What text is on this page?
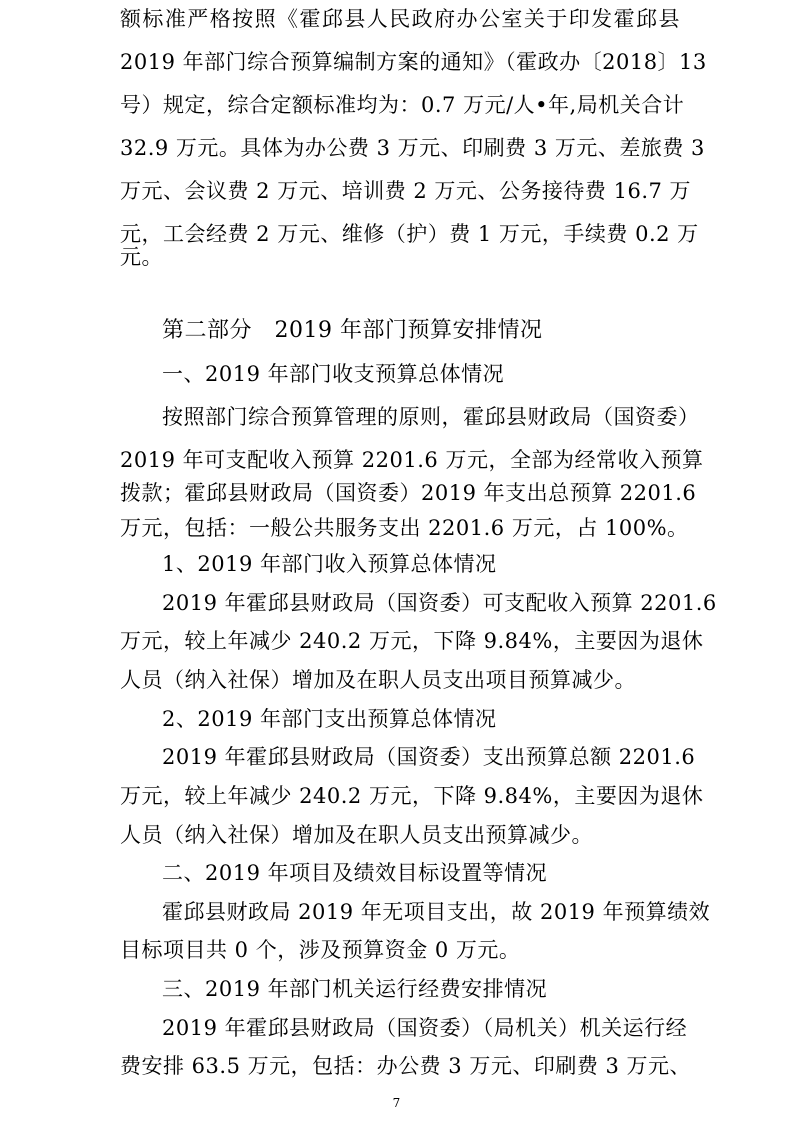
额标准严格按照《霍邱县人民政府办公室关于印发霍邱县
2019 年部门综合预算编制方案的通知》（霍政办〔2018〕13
号）规定，综合定额标准均为：0.7 万元/人•年,局机关合计
32.9 万元。具体为办公费 3 万元、印刷费 3 万元、差旅费 3
万元、会议费 2 万元、培训费 2 万元、公务接待费 16.7 万
元，工会经费 2 万元、维修（护）费 1 万元，手续费 0.2 万
元。
第二部分　2019 年部门预算安排情况
一、2019 年部门收支预算总体情况
按照部门综合预算管理的原则，霍邱县财政局（国资委）
2019 年可支配收入预算 2201.6 万元，全部为经常收入预算
拨款；霍邱县财政局（国资委）2019 年支出总预算 2201.6
万元，包括：一般公共服务支出 2201.6 万元，占 100%。
1、2019 年部门收入预算总体情况
2019 年霍邱县财政局（国资委）可支配收入预算 2201.6
万元，较上年减少 240.2 万元，下降 9.84%，主要因为退休
人员（纳入社保）增加及在职人员支出项目预算减少。
2、2019 年部门支出预算总体情况
2019 年霍邱县财政局（国资委）支出预算总额 2201.6
万元，较上年减少 240.2 万元，下降 9.84%，主要因为退休
人员（纳入社保）增加及在职人员支出预算减少。
二、2019 年项目及绩效目标设置等情况
霍邱县财政局 2019 年无项目支出，故 2019 年预算绩效
目标项目共 0 个，涉及预算资金 0 万元。
三、2019 年部门机关运行经费安排情况
2019 年霍邱县财政局（国资委）（局机关）机关运行经
费安排 63.5 万元，包括：办公费 3 万元、印刷费 3 万元、
7
